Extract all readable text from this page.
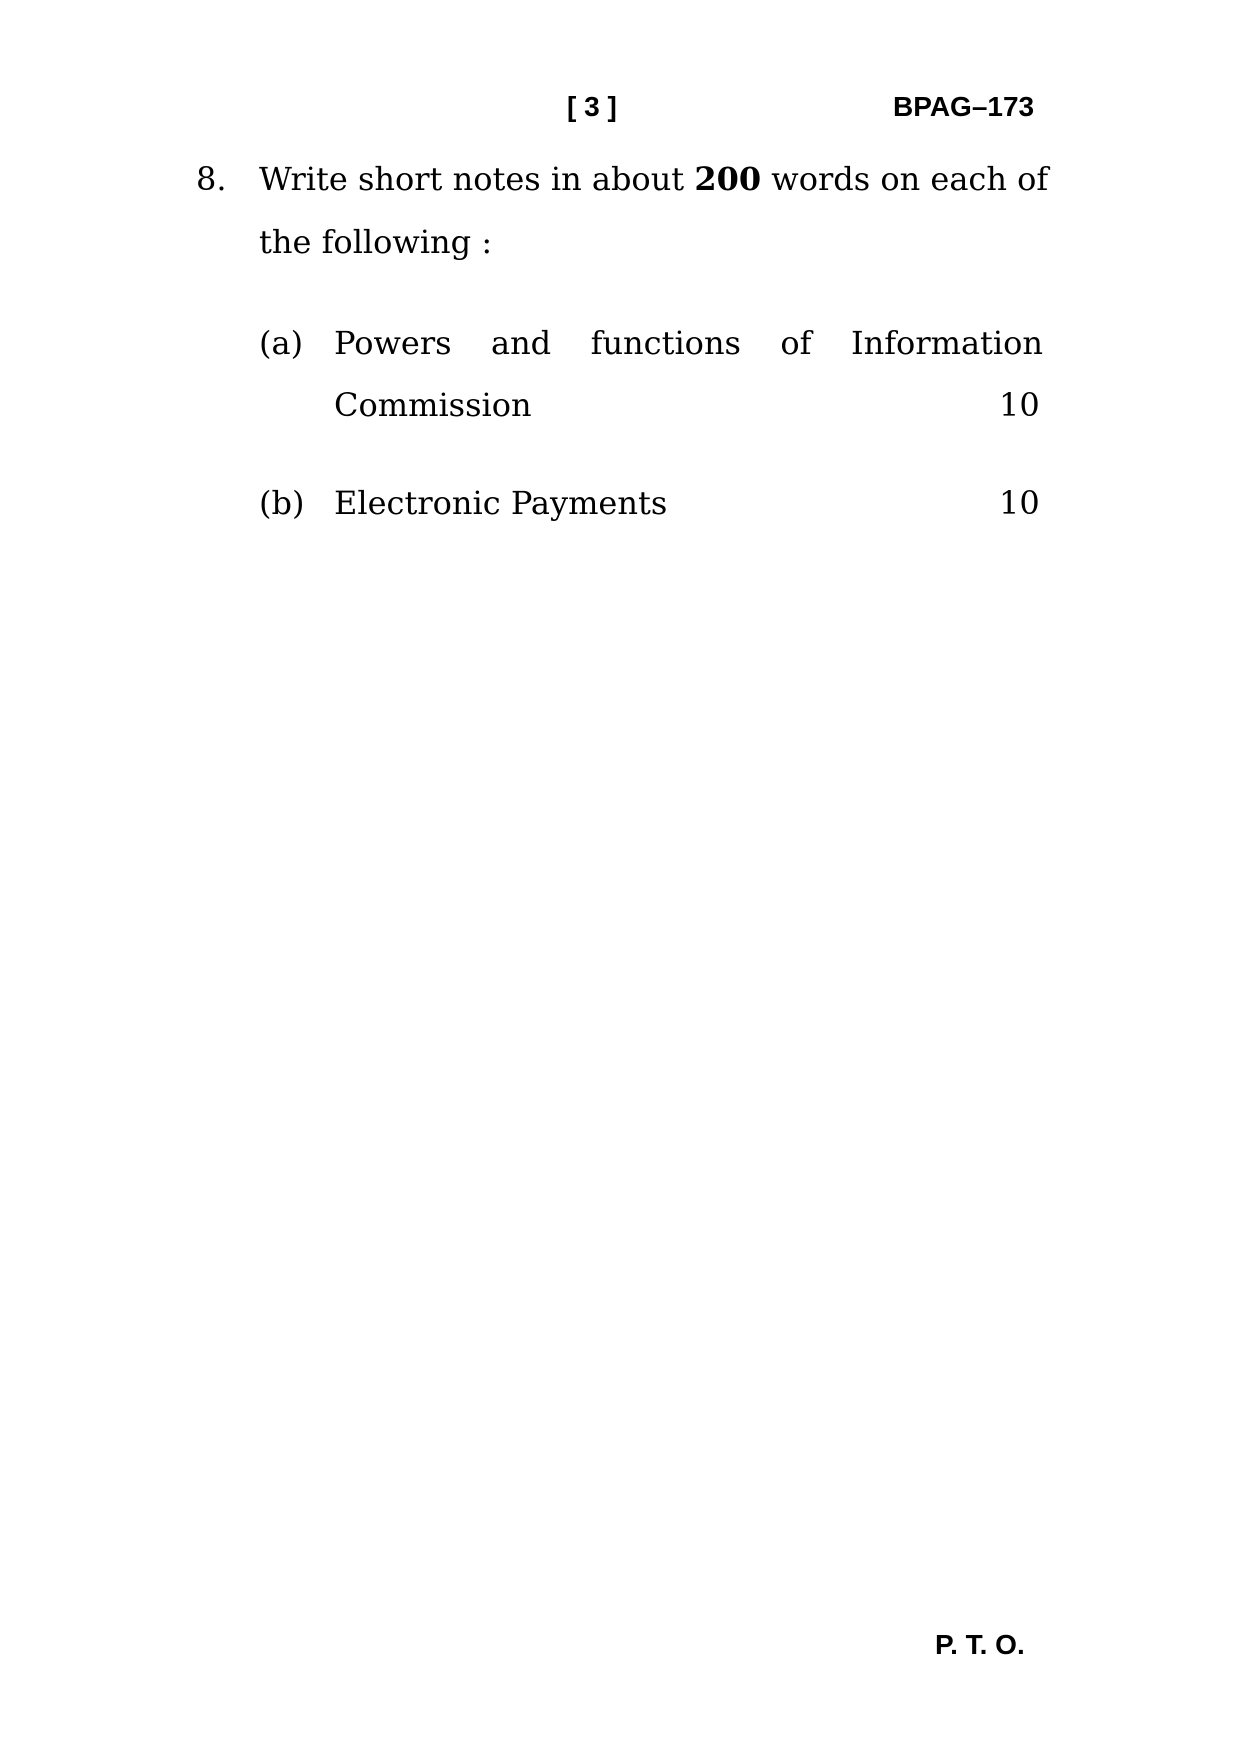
[ 3 ]	BPAG–173
8. Write short notes in about 200 words on each of
the following :
(a) Powers and functions of Information
Commission	10
(b) Electronic Payments	10
P. T. O.
